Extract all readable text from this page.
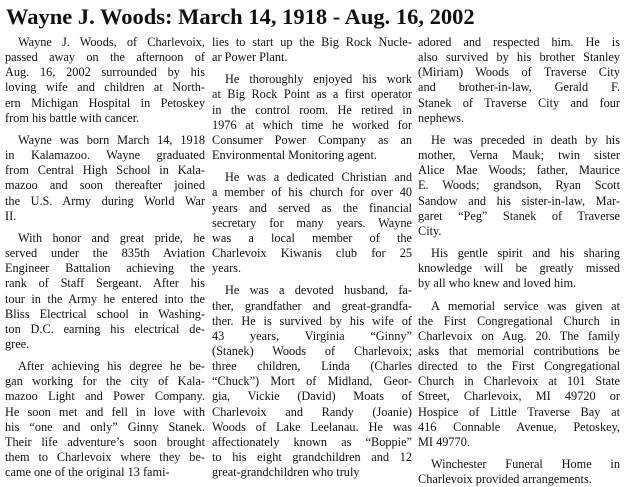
Wayne J. Woods: March 14, 1918 - Aug. 16, 2002

Wayne J. Woods, of Charlevoix,
passed away on the afternoon of
Aug. 16, 2002 surrounded by his
loving wife and children at North-
ern Michigan Hospital in Petoskey
from his battle with cancer.

Wayne was born March 14, 1918
in Kalamazoo. Wayne graduated
from Central High School in Kala-
mazoo and soon thereafter joined
the U.S. Army during World War
II.

With honor and great pride, he
served under the 835th Aviation
Engineer Battalion achieving the
rank of Staff Sergeant. After his
tour in the Army he entered into the
Bliss Electrical school in Washing-
ton D.C. earning his electrical de-
gree.

After achieving his degree he be-
gan working for the city of Kala-
mazoo Light and Power Company.
He soon met and fell in love with
his “one and only” Ginny Stanek.
Their life adventure’s soon brought
them to Charlevoix where they be-
came one of the original 13 fami-

lies to start up the Big Rock Nucle-
ar Power Plant.

He thoroughly enjoyed his work
at Big Rock Point as a first operator
in the control room. He retired in
1976 at which time he worked for
Consumer Power Company as an
Environmental Monitoring agent.

He was a dedicated Christian and
a member of his church for over 40
years and served as the financial
secretary for many years. Wayne
was a local member of the
Charlevoix Kiwanis club for 25
years.

He was a devoted husband, fa-
ther, grandfather and great-grandfa-
ther. He is survived by his wife of
43 years, Virginia “Ginny”
(Stanek) Woods of Charlevoix;
three children, Linda (Charles
“Chuck”) Mort of Midland, Geor-
gia, Vickie (David) Moats of
Charlevoix and Randy (Joanie)
Woods of Lake Leelanau. He was
affectionately known as “Boppie”
to his eight grandchildren and 12
great-grandchildren who truly

adored and respected him. He is
also survived by his brother Stanley
(Miriam) Woods of Traverse City
and brother-in-law, Gerald F.
Stanek of Traverse City and four
nephews.

He was preceded in death by his
mother, Verna Mauk; twin sister
Alice Mae Woods; father, Maurice
E. Woods; grandson, Ryan Scott
Sandow and his sister-in-law, Mar-
garet “Peg” Stanek of Traverse
City.

His gentle spirit and his sharing
knowledge will be greatly missed
by all who knew and loved him.

A memorial service was given at
the First Congregational Church in
Charlevoix on Aug. 20. The family
asks that memorial contributions be
directed to the First Congregational
Church in Charlevoix at 101 State
Street, Charlevoix, MI 49720 or
Hospice of Little Traverse Bay at
416 Connable Avenue, Petoskey,
MI 49770.

Winchester Funeral Home in
Charlevoix provided arrangements.
